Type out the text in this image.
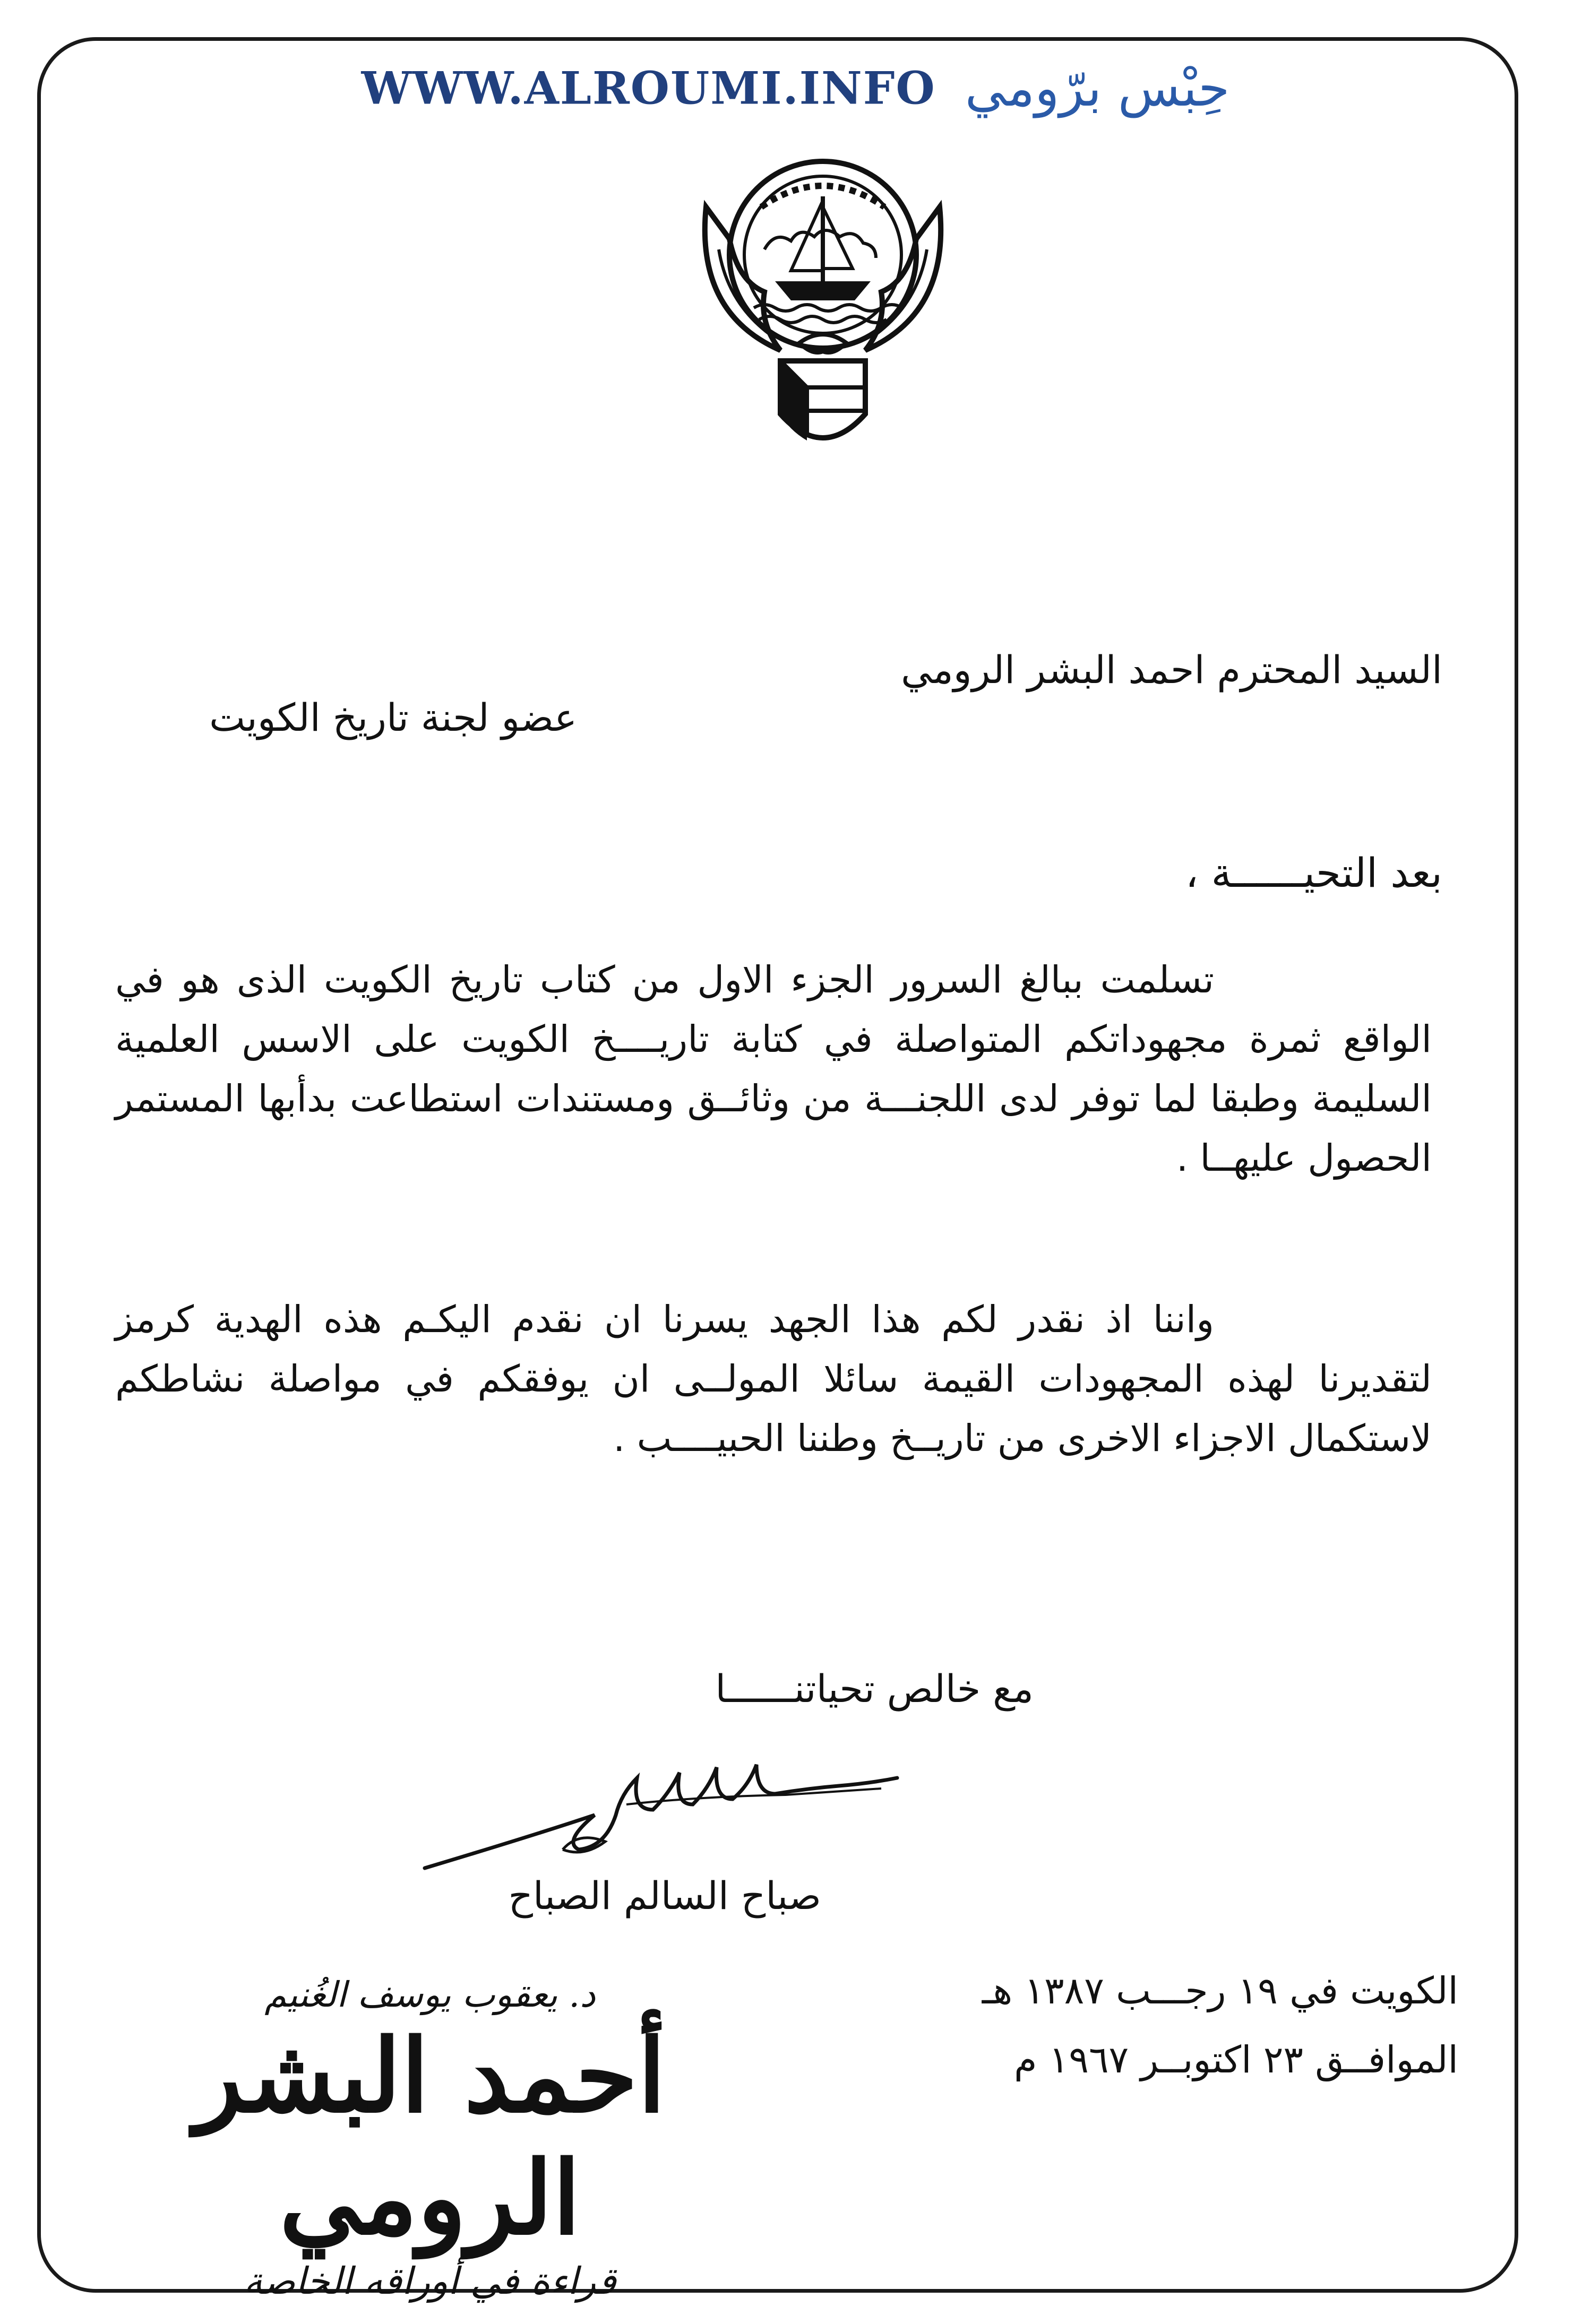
WWW.ALROUMI.INFO حِبْس برّومي
السيد المحترم احمد البشر الرومي
عضو لجنة تاريخ الكويت
بعد التحيــــــة ،

تسلمت ببالغ السرور الجزء الاول من كتاب تاريخ الكويت الذى هو في الواقع ثمرة مجهوداتكم المتواصلة في كتابة تاريــــخ الكويت على الاسس العلمية السليمة وطبقا لما توفر لدى اللجنـــة من وثائــق ومستندات استطاعت بدأبها المستمر الحصول عليهــا .

واننا اذ نقدر لكم هذا الجهد يسرنا ان نقدم اليكـم هذه الهدية كرمز لتقديرنا لهذه المجهودات القيمة سائلا المولــى ان يوفقكم في مواصلة نشاطكم لاستكمال الاجزاء الاخرى من تاريــخ وطننا الحبيــــب .

مع خالص تحياتنــــــا
صباح السالم الصباح
الكويت في ١٩ رجـــب ١٣٨٧ هـ
الموافــق ٢٣ اكتوبــر ١٩٦٧ م
د. يعقوب يوسف الغُنيم
أحمد البشر الرومي
قراءة في أوراقه الخاصة
